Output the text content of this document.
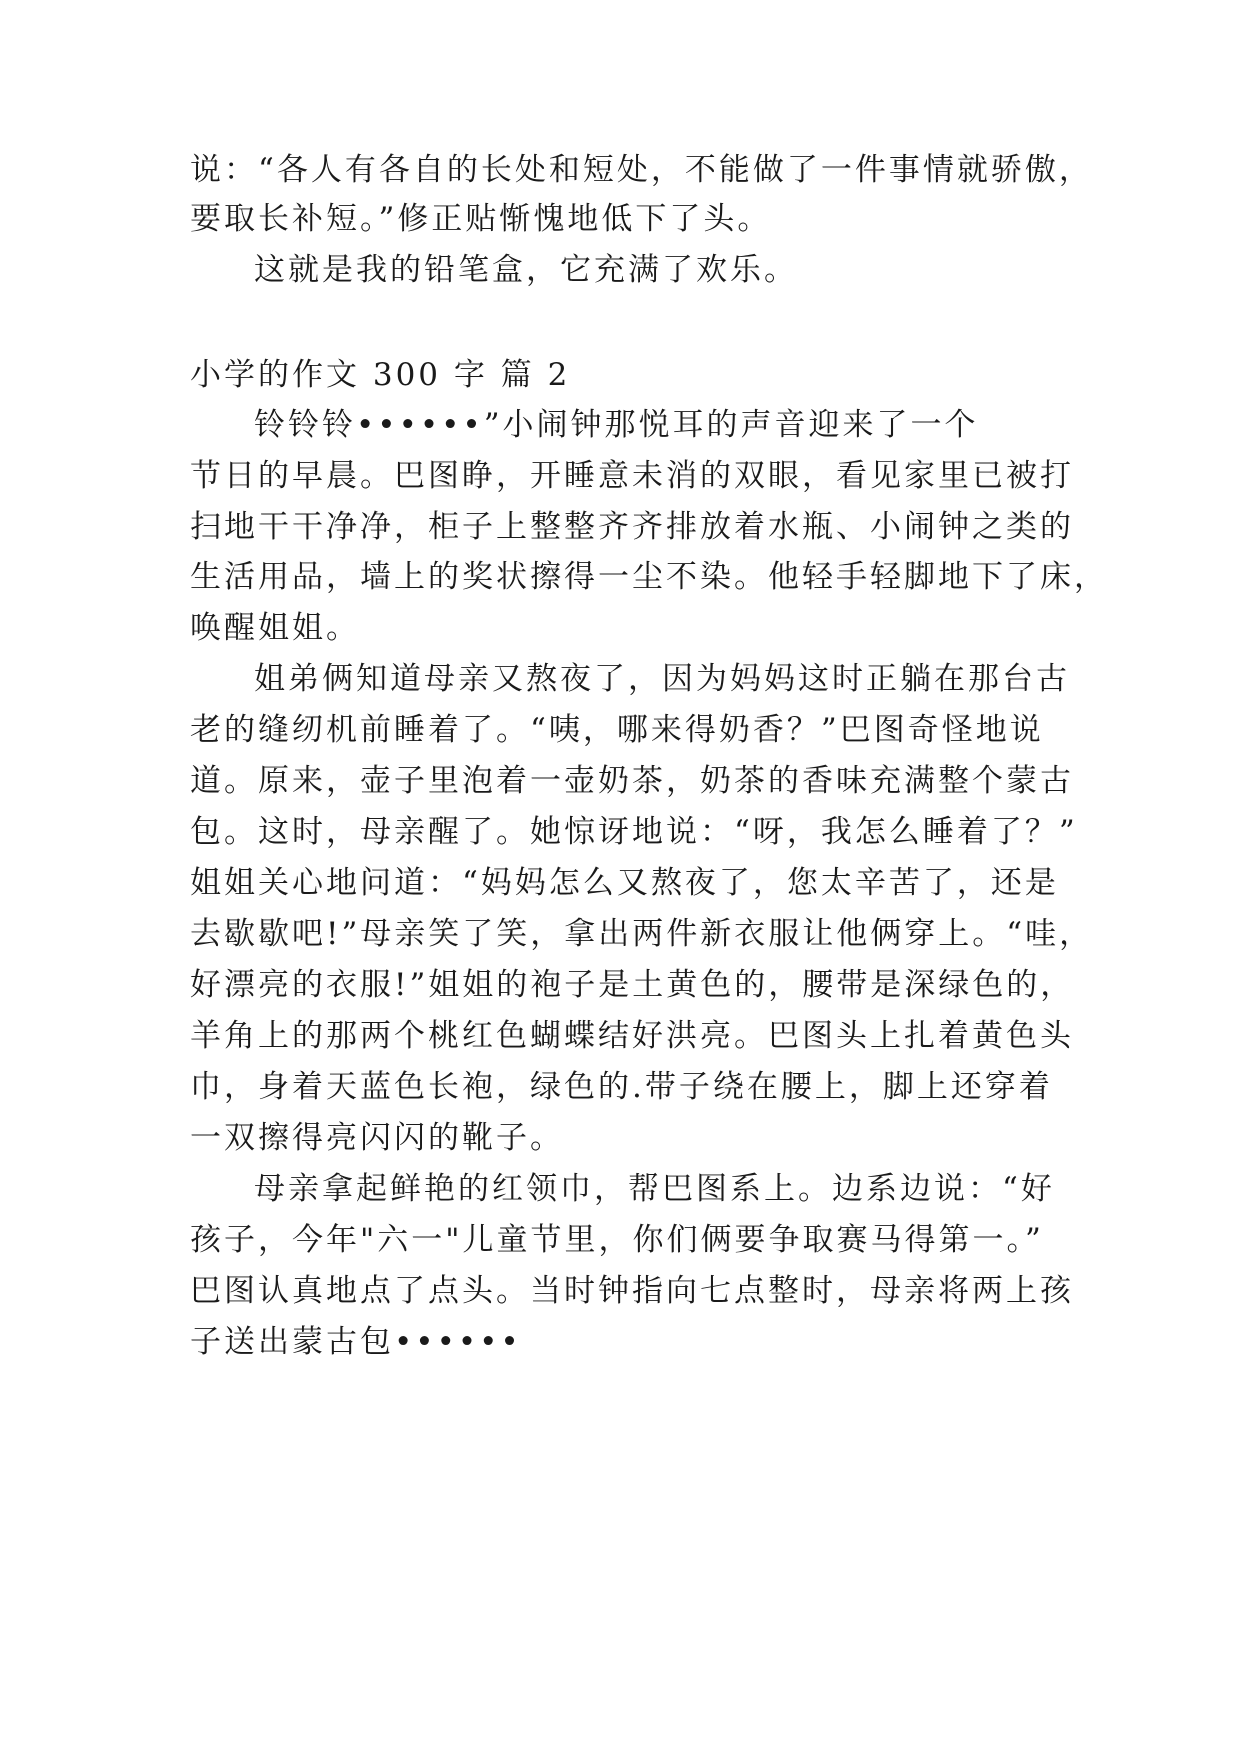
说：“各人有各自的长处和短处，不能做了一件事情就骄傲，
要取长补短。”修正贴惭愧地低下了头。
这就是我的铅笔盒，它充满了欢乐。
小学的作文 300 字 篇 2
铃铃铃••••••”小闹钟那悦耳的声音迎来了一个
节日的早晨。巴图睁，开睡意未消的双眼，看见家里已被打
扫地干干净净，柜子上整整齐齐排放着水瓶、小闹钟之类的
生活用品，墙上的奖状擦得一尘不染。他轻手轻脚地下了床，
唤醒姐姐。
姐弟俩知道母亲又熬夜了，因为妈妈这时正躺在那台古
老的缝纫机前睡着了。“咦，哪来得奶香？”巴图奇怪地说
道。原来，壶子里泡着一壶奶茶，奶茶的香味充满整个蒙古
包。这时，母亲醒了。她惊讶地说：“呀，我怎么睡着了？”
姐姐关心地问道：“妈妈怎么又熬夜了，您太辛苦了，还是
去歇歇吧!”母亲笑了笑，拿出两件新衣服让他俩穿上。“哇，
好漂亮的衣服!”姐姐的袍子是土黄色的，腰带是深绿色的，
羊角上的那两个桃红色蝴蝶结好洪亮。巴图头上扎着黄色头
巾，身着天蓝色长袍，绿色的.带子绕在腰上，脚上还穿着
一双擦得亮闪闪的靴子。
母亲拿起鲜艳的红领巾，帮巴图系上。边系边说：“好
孩子，今年"六一"儿童节里，你们俩要争取赛马得第一。”
巴图认真地点了点头。当时钟指向七点整时，母亲将两上孩
子送出蒙古包••••••
